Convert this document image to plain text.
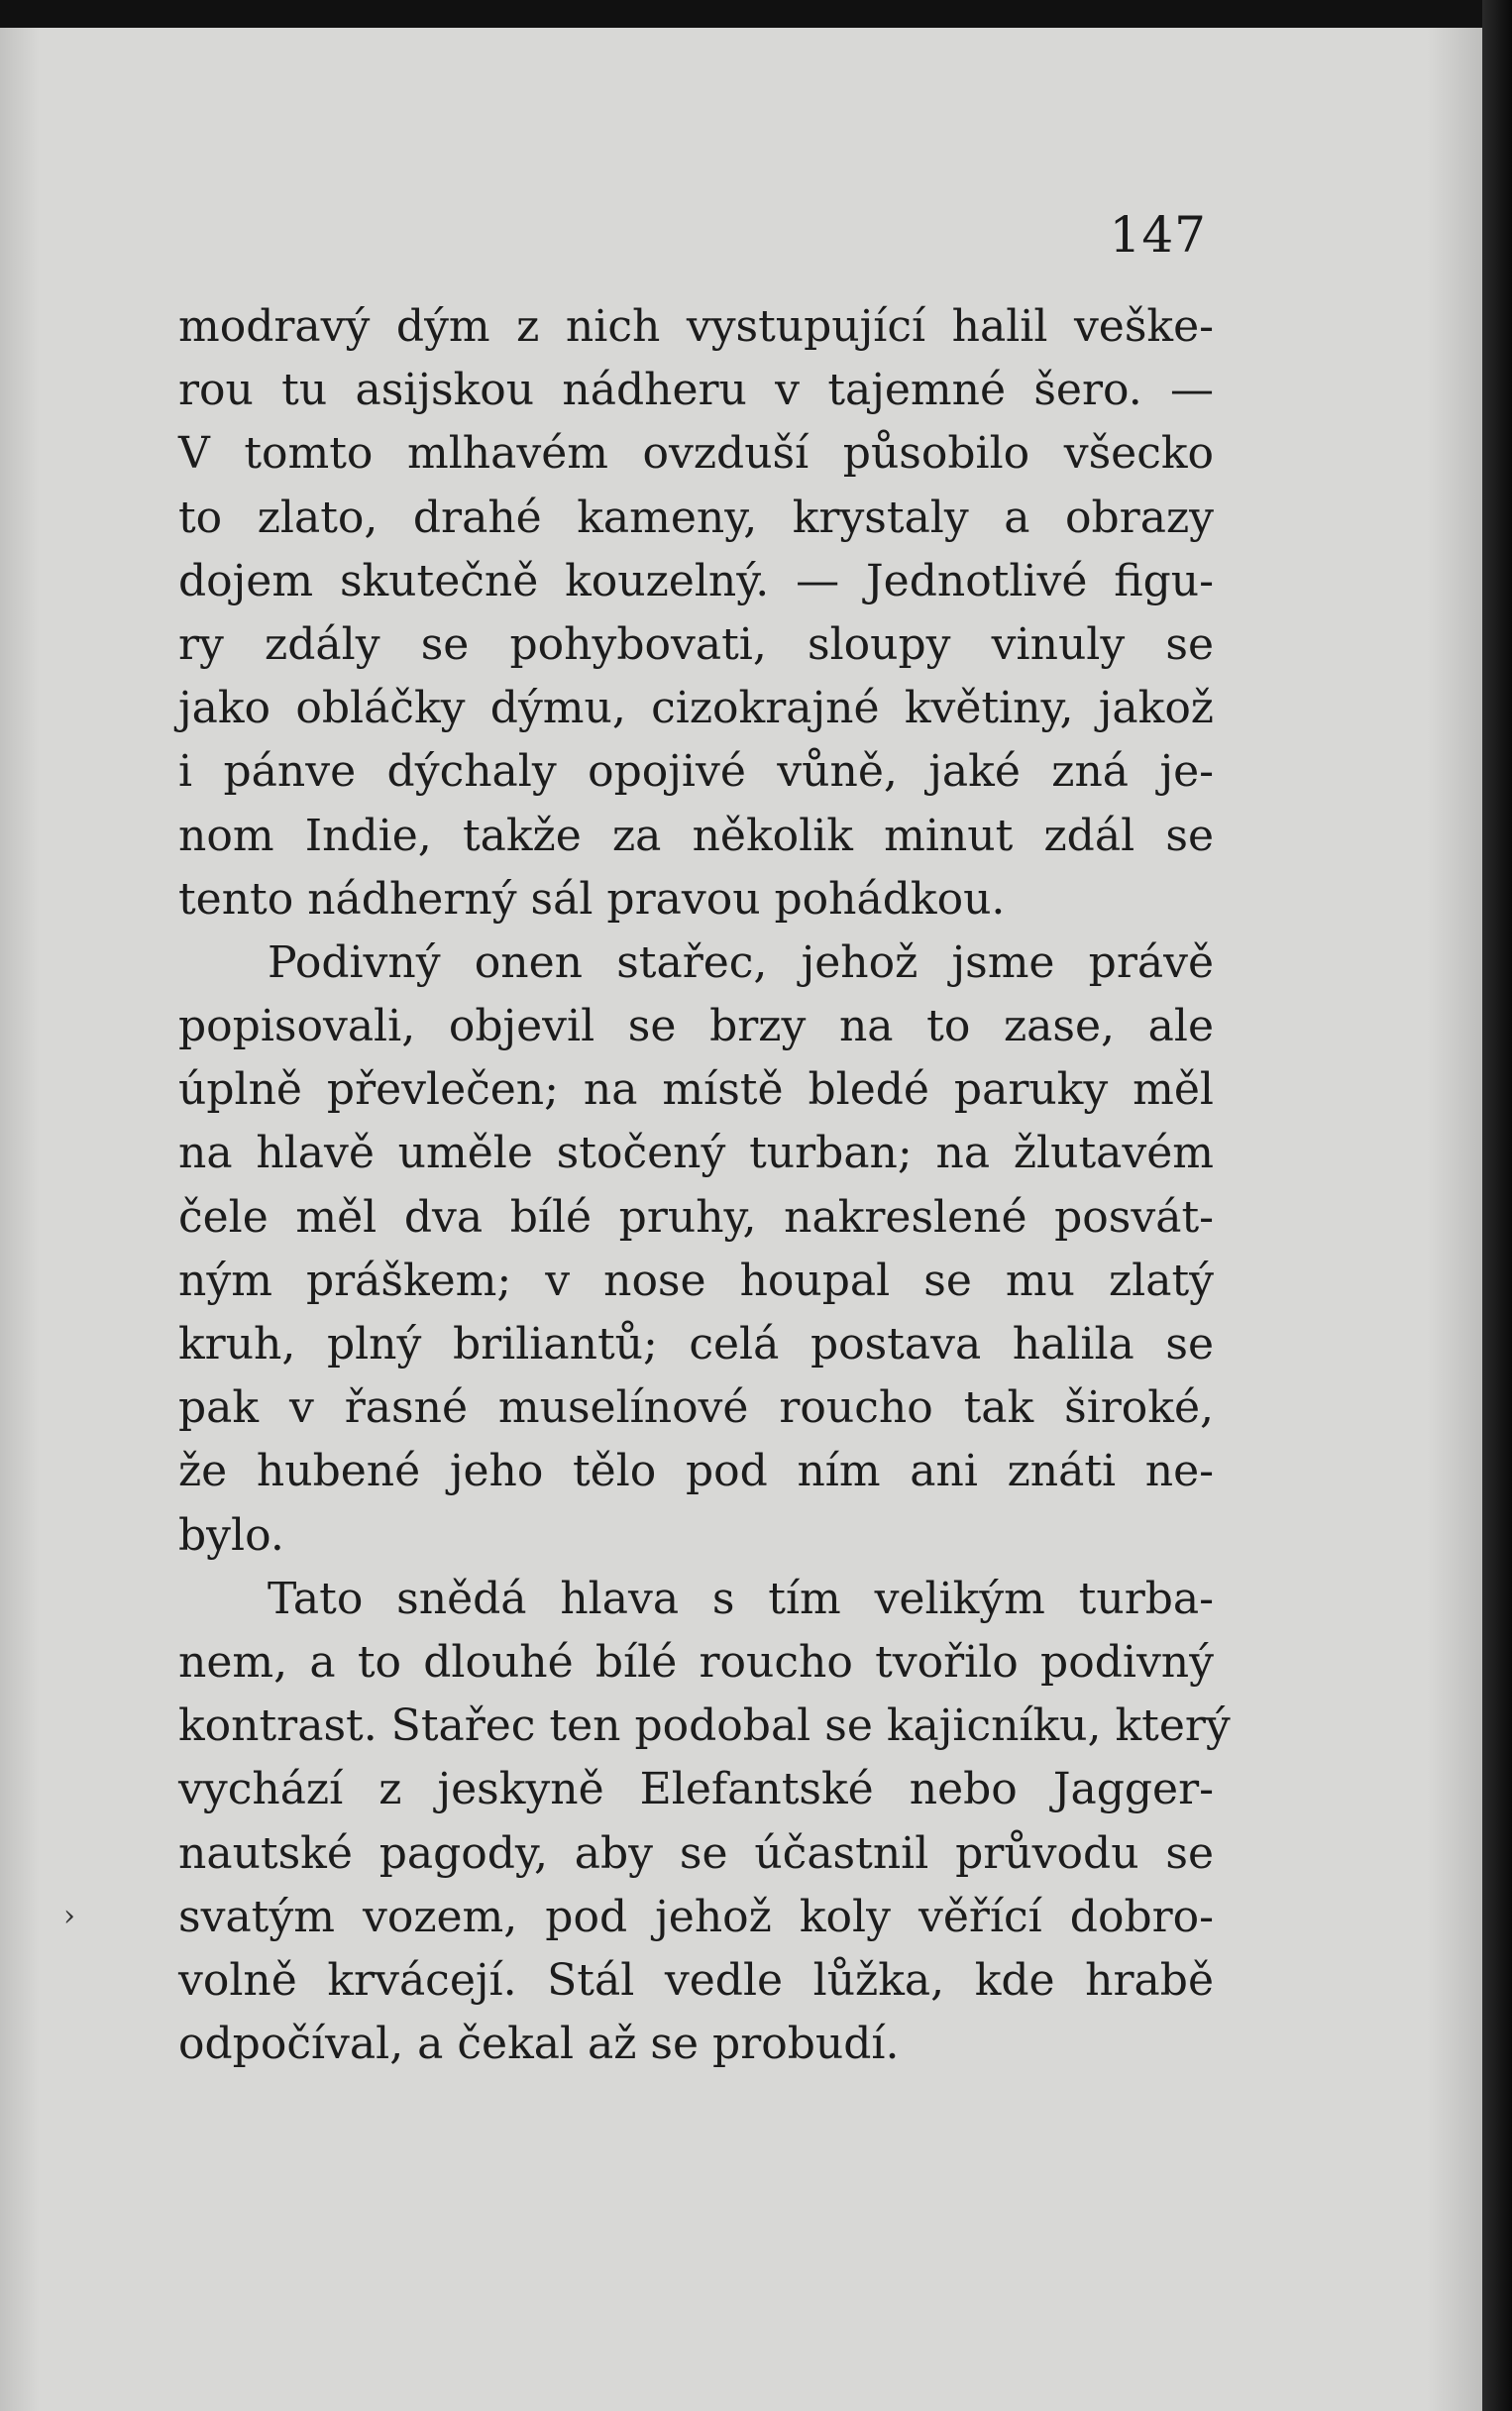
147
modravý dým z nich vystupující halil veške-
rou tu asijskou nádheru v tajemné šero. —
V tomto mlhavém ovzduší působilo všecko
to zlato, drahé kameny, krystaly a obrazy
dojem skutečně kouzelný. — Jednotlivé figu-
ry zdály se pohybovati, sloupy vinuly se
jako obláčky dýmu, cizokrajné květiny, jakož
i pánve dýchaly opojivé vůně, jaké zná je-
nom Indie, takže za několik minut zdál se
tento nádherný sál pravou pohádkou.
Podivný onen stařec, jehož jsme právě
popisovali, objevil se brzy na to zase, ale
úplně převlečen; na místě bledé paruky měl
na hlavě uměle stočený turban; na žlutavém
čele měl dva bílé pruhy, nakreslené posvát-
ným práškem; v nose houpal se mu zlatý
kruh, plný briliantů; celá postava halila se
pak v řasné muselínové roucho tak široké,
že hubené jeho tělo pod ním ani znáti ne-
bylo.
Tato snědá hlava s tím velikým turba-
nem, a to dlouhé bílé roucho tvořilo podivný
kontrast. Stařec ten podobal se kajicníku, který
vychází z jeskyně Elefantské nebo Jagger-
nautské pagody, aby se účastnil průvodu se
svatým vozem, pod jehož koly věřící dobro-
volně krvácejí. Stál vedle lůžka, kde hrabě
odpočíval, a čekal až se probudí.
›
